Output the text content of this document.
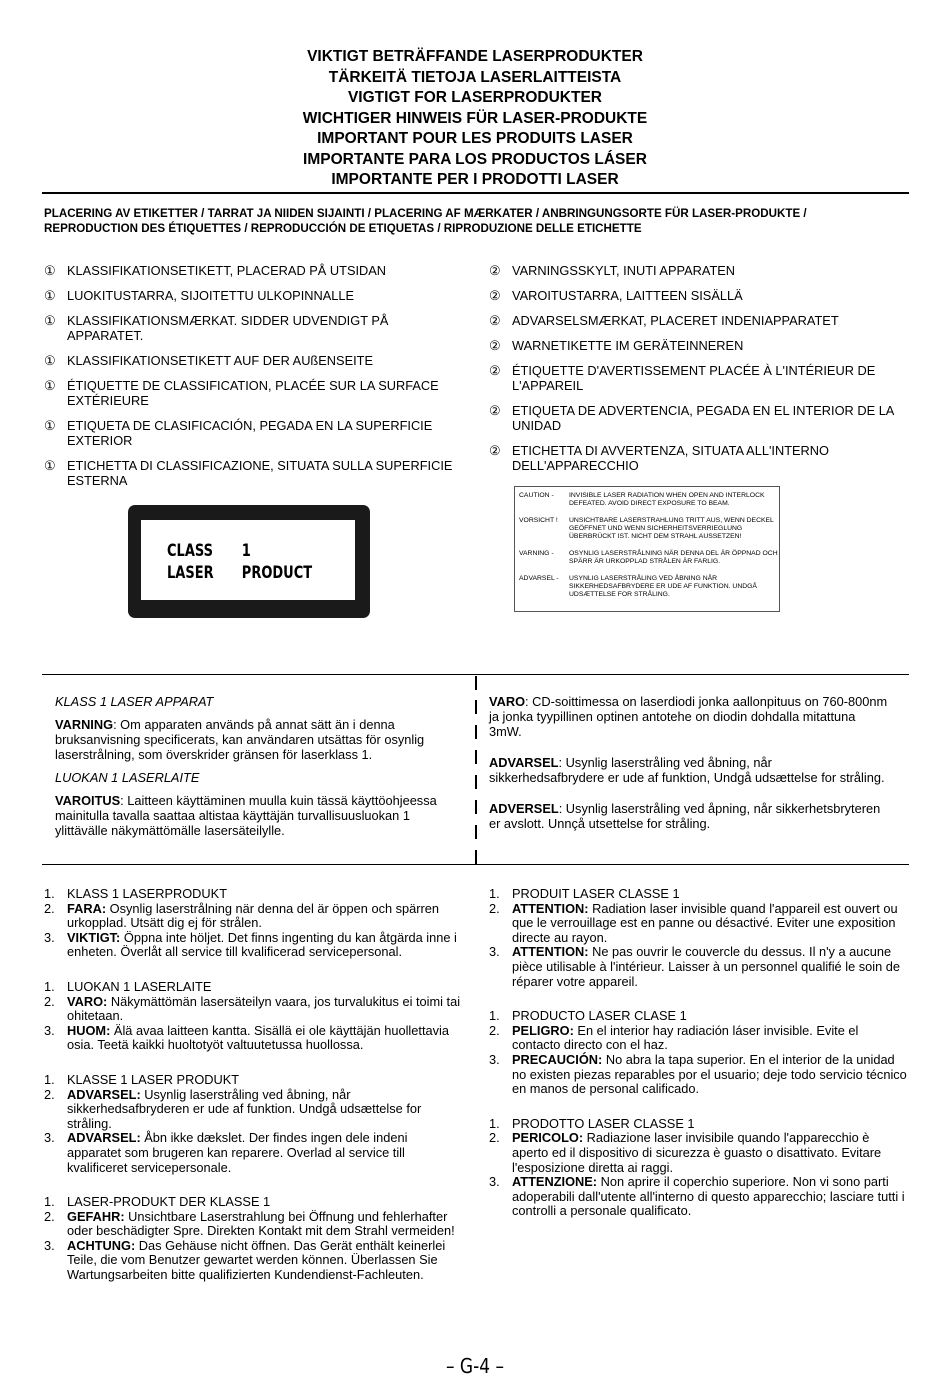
VIKTIGT BETRÄFFANDE LASERPRODUKTER
TÄRKEITÄ TIETOJA LASERLAITTEISTA
VIGTIGT FOR LASERPRODUKTER
WICHTIGER HINWEIS FÜR LASER-PRODUKTE
IMPORTANT POUR LES PRODUITS LASER
IMPORTANTE PARA LOS PRODUCTOS LÁSER
IMPORTANTE PER I PRODOTTI LASER
PLACERING AV ETIKETTER / TARRAT JA NIIDEN SIJAINTI / PLACERING AF MÆRKATER / ANBRINGUNGSORTE FÜR LASER-PRODUKTE / REPRODUCTION DES ÉTIQUETTES / REPRODUCCIÓN DE ETIQUETAS / RIPRODUZIONE DELLE ETICHETTE
① KLASSIFIKATIONSETIKETT, PLACERAD PÅ UTSIDAN
① LUOKITUSTARRA, SIJOITETTU ULKOPINNALLE
① KLASSIFIKATIONSMÆRKAT. SIDDER UDVENDIGT PÅ APPARATET.
① KLASSIFIKATIONSETIKETT AUF DER AUßENSEITE
① ÉTIQUETTE DE CLASSIFICATION, PLACÉE SUR LA SURFACE EXTÉRIEURE
① ETIQUETA DE CLASIFICACIÓN, PEGADA EN LA SUPERFICIE EXTERIOR
① ETICHETTA DI CLASSIFICAZIONE, SITUATA SULLA SUPERFICIE ESTERNA
② VARNINGSSKYLT, INUTI APPARATEN
② VAROITUSTARRA, LAITTEEN SISÄLLÄ
② ADVARSELSMÆRKAT, PLACERET INDENIAPPARATET
② WARNETIKETTE IM GERÄTEINNEREN
② ÉTIQUETTE D'AVERTISSEMENT PLACÉE À L'INTÉRIEUR DE L'APPAREIL
② ETIQUETA DE ADVERTENCIA, PEGADA EN EL INTERIOR DE LA UNIDAD
② ETICHETTA DI AVVERTENZA, SITUATA ALL'INTERNO DELL'APPARECCHIO
CLASS 1
LASER PRODUCT
CAUTION -	INVISIBLE LASER RADIATION WHEN OPEN AND INTERLOCK DEFEATED. AVOID DIRECT EXPOSURE TO BEAM.
VORSICHT !	UNSICHTBARE LASERSTRAHLUNG TRITT AUS, WENN DECKEL GEÖFFNET UND WENN SICHERHEITSVERRIEGLUNG ÜBERBRÜCKT IST. NICHT DEM STRAHL AUSSETZEN!
VARNING -	OSYNLIG LASERSTRÅLNING NÄR DENNA DEL ÄR ÖPPNAD OCH SPÄRR ÄR URKOPPLAD STRÅLEN ÄR FARLIG.
ADVARSEL -	USYNLIG LASERSTRÅLING VED ÅBNING NÅR SIKKERHEDSAFBRYDERE ER UDE AF FUNKTION. UNDGÅ UDSÆTTELSE FOR STRÅLING.

KLASS 1 LASER APPARAT

VARNING: Om apparaten används på annat sätt än i denna bruksanvisning specificerats, kan användaren utsättas för osynlig laserstrålning, som överskrider gränsen för laserklass 1.

LUOKAN 1 LASERLAITE

VAROITUS: Laitteen käyttäminen muulla kuin tässä käyttöohjeessa mainitulla tavalla saattaa altistaa käyttäjän turvallisuusluokan 1 ylittävälle näkymättömälle lasersäteilylle.

VARO: CD-soittimessa on laserdiodi jonka aallonpituus on 760-800nm ja jonka tyypillinen optinen antotehe on diodin dohdalla mitattuna 3mW.

ADVARSEL: Usynlig laserstråling ved åbning, når sikkerhedsafbrydere er ude af funktion, Undgå udsættelse for stråling.

ADVERSEL: Usynlig laserstråling ved åpning, når sikkerhetsbryteren er avslott. Unnçå utsettelse for stråling.

1. KLASS 1 LASERPRODUKT
2. FARA: Osynlig laserstrålning när denna del är öppen och spärren urkopplad. Utsätt dig ej för strålen.
3. VIKTIGT: Öppna inte höljet. Det finns ingenting du kan åtgärda inne i enheten. Överlåt all service till kvalificerad servicepersonal.
1. LUOKAN 1 LASERLAITE
2. VARO: Näkymättömän lasersäteilyn vaara, jos turvalukitus ei toimi tai ohitetaan.
3. HUOM: Älä avaa laitteen kantta. Sisällä ei ole käyttäjän huollettavia osia. Teetä kaikki huoltotyöt valtuutetussa huollossa.
1. KLASSE 1 LASER PRODUKT
2. ADVARSEL: Usynlig laserstråling ved åbning, når sikkerhedsafbryderen er ude af funktion. Undgå udsættelse for stråling.
3. ADVARSEL: Åbn ikke dækslet. Der findes ingen dele indeni apparatet som brugeren kan reparere. Overlad al service till kvalificeret servicepersonale.
1. LASER-PRODUKT DER KLASSE 1
2. GEFAHR: Unsichtbare Laserstrahlung bei Öffnung und fehlerhafter oder beschädigter Spre. Direkten Kontakt mit dem Strahl vermeiden!
3. ACHTUNG: Das Gehäuse nicht öffnen. Das Gerät enthält keinerlei Teile, die vom Benutzer gewartet werden können. Überlassen Sie Wartungsarbeiten bitte qualifizierten Kundendienst-Fachleuten.
1. PRODUIT LASER CLASSE 1
2. ATTENTION: Radiation laser invisible quand l'appareil est ouvert ou que le verrouillage est en panne ou désactivé. Eviter une exposition directe au rayon.
3. ATTENTION: Ne pas ouvrir le couvercle du dessus. Il n'y a aucune pièce utilisable à l'intérieur. Laisser à un personnel qualifié le soin de réparer votre appareil.
1. PRODUCTO LASER CLASE 1
2. PELIGRO: En el interior hay radiación láser invisible. Evite el contacto directo con el haz.
3. PRECAUCIÓN: No abra la tapa superior. En el interior de la unidad no existen piezas reparables por el usuario; deje todo servicio técnico en manos de personal calificado.
1. PRODOTTO LASER CLASSE 1
2. PERICOLO: Radiazione laser invisibile quando l'apparecchio è aperto ed il dispositivo di sicurezza è guasto o disattivato. Evitare l'esposizione diretta ai raggi.
3. ATTENZIONE: Non aprire il coperchio superiore. Non vi sono parti adoperabili dall'utente all'interno di questo apparecchio; lasciare tutti i controlli a personale qualificato.
– G-4 –
